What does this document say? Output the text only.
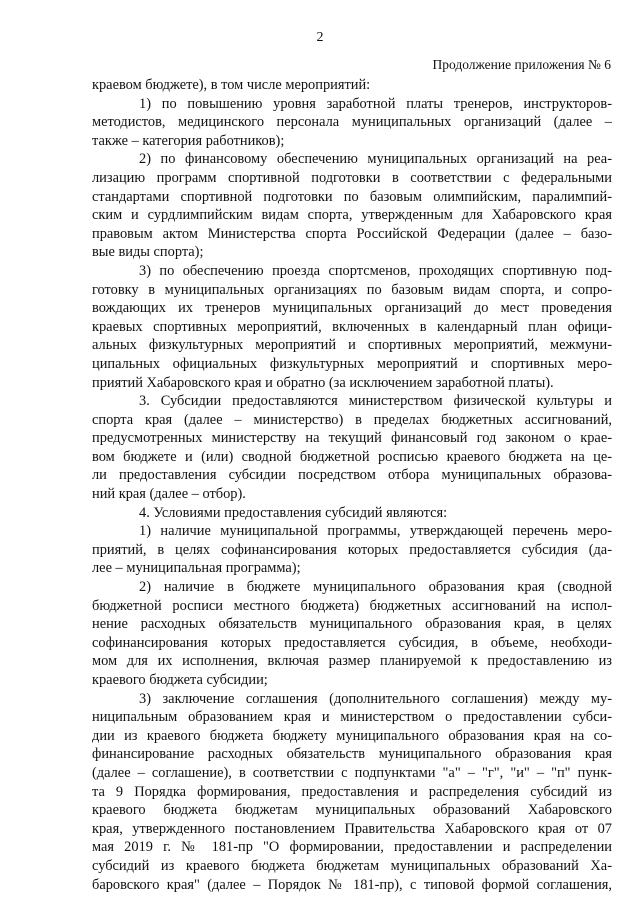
2
Продолжение приложения № 6
краевом бюджете), в том числе мероприятий:
1) по повышению уровня заработной платы тренеров, инструкторов-
методистов, медицинского персонала муниципальных организаций (далее –
также – категория работников);
2) по финансовому обеспечению муниципальных организаций на реа-
лизацию программ спортивной подготовки в соответствии с федеральными
стандартами спортивной подготовки по базовым олимпийским, паралимпий-
ским и сурдлимпийским видам спорта, утвержденным для Хабаровского края
правовым актом Министерства спорта Российской Федерации (далее – базо-
вые виды спорта);
3) по обеспечению проезда спортсменов, проходящих спортивную под-
готовку в муниципальных организациях по базовым видам спорта, и сопро-
вождающих их тренеров муниципальных организаций до мест проведения
краевых спортивных мероприятий, включенных в календарный план офици-
альных физкультурных мероприятий и спортивных мероприятий, межмуни-
ципальных официальных физкультурных мероприятий и спортивных меро-
приятий Хабаровского края и обратно (за исключением заработной платы).
3. Субсидии предоставляются министерством физической культуры и
спорта края (далее – министерство) в пределах бюджетных ассигнований,
предусмотренных министерству на текущий финансовый год законом о крае-
вом бюджете и (или) сводной бюджетной росписью краевого бюджета на це-
ли предоставления субсидии посредством отбора муниципальных образова-
ний края (далее – отбор).
4. Условиями предоставления субсидий являются:
1) наличие муниципальной программы, утверждающей перечень меро-
приятий, в целях софинансирования которых предоставляется субсидия (да-
лее – муниципальная программа);
2) наличие в бюджете муниципального образования края (сводной
бюджетной росписи местного бюджета) бюджетных ассигнований на испол-
нение расходных обязательств муниципального образования края, в целях
софинансирования которых предоставляется субсидия, в объеме, необходи-
мом для их исполнения, включая размер планируемой к предоставлению из
краевого бюджета субсидии;
3) заключение соглашения (дополнительного соглашения) между му-
ниципальным образованием края и министерством о предоставлении субси-
дии из краевого бюджета бюджету муниципального образования края на со-
финансирование расходных обязательств муниципального образования края
(далее – соглашение), в соответствии с подпунктами "а" – "г", "и" – "п" пунк-
та 9 Порядка формирования, предоставления и распределения субсидий из
краевого бюджета бюджетам муниципальных образований Хабаровского
края, утвержденного постановлением Правительства Хабаровского края от 07
мая 2019 г. № 181-пр "О формировании, предоставлении и распределении
субсидий из краевого бюджета бюджетам муниципальных образований Ха-
баровского края" (далее – Порядок № 181-пр), с типовой формой соглашения,
